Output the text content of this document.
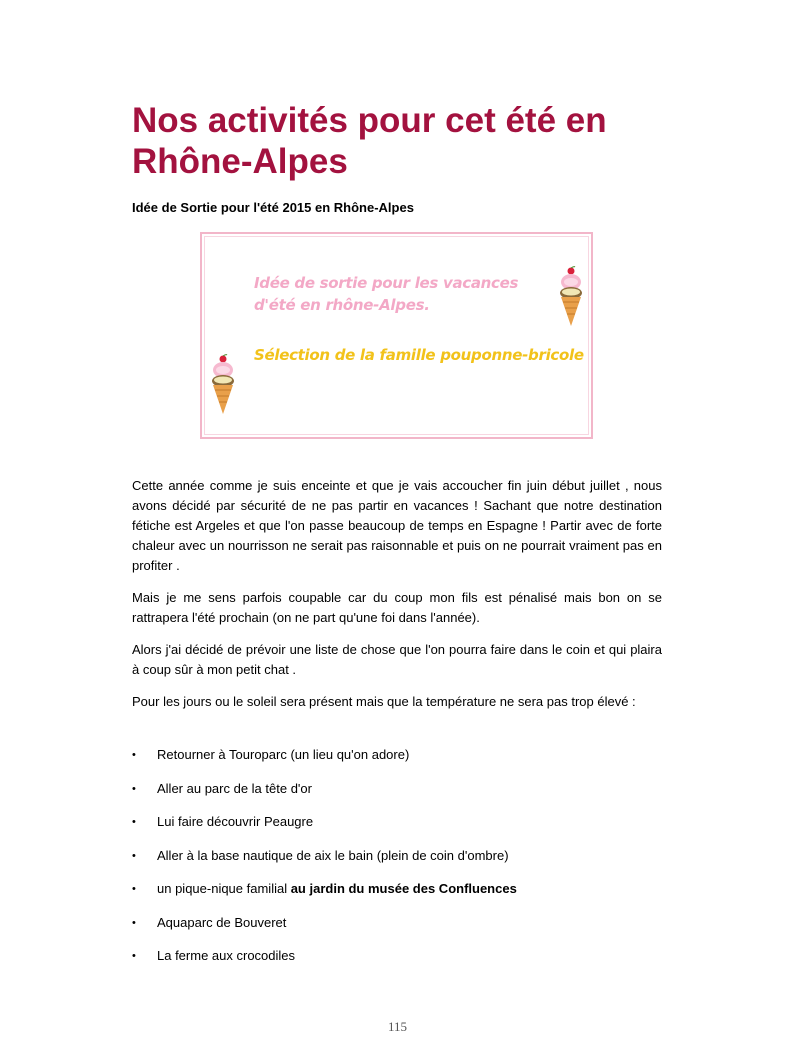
Nos activités pour cet été en Rhône-Alpes

Idée de Sortie pour l'été 2015 en Rhône-Alpes

Idée de sortie pour les vacances d'été en rhône-Alpes.

Sélection de la famille pouponne-bricole

Cette année comme je suis enceinte et que je vais accoucher fin juin début juillet , nous avons décidé par sécurité de ne pas partir en vacances ! Sachant que notre destination fétiche est Argeles et que l'on passe beaucoup de temps en Espagne ! Partir avec de forte chaleur avec un nourrisson ne serait pas raisonnable et puis on ne pourrait vraiment pas en profiter .

Mais je me sens parfois coupable car du coup mon fils est pénalisé mais bon on se rattrapera l'été prochain (on ne part qu'une foi dans l'année).

Alors j'ai décidé de prévoir une liste de chose que l'on pourra faire dans le coin et qui plaira à coup sûr à mon petit chat .

Pour les jours ou le soleil sera présent mais que la température ne sera pas trop élevé :

• Retourner à Touroparc (un lieu qu'on adore)
• Aller au parc de la tête d'or
• Lui faire découvrir Peaugre
• Aller à la base nautique de aix le bain (plein de coin d'ombre)
• un pique-nique familial au jardin du musée des Confluences
• Aquaparc de Bouveret
• La ferme aux crocodiles
115
